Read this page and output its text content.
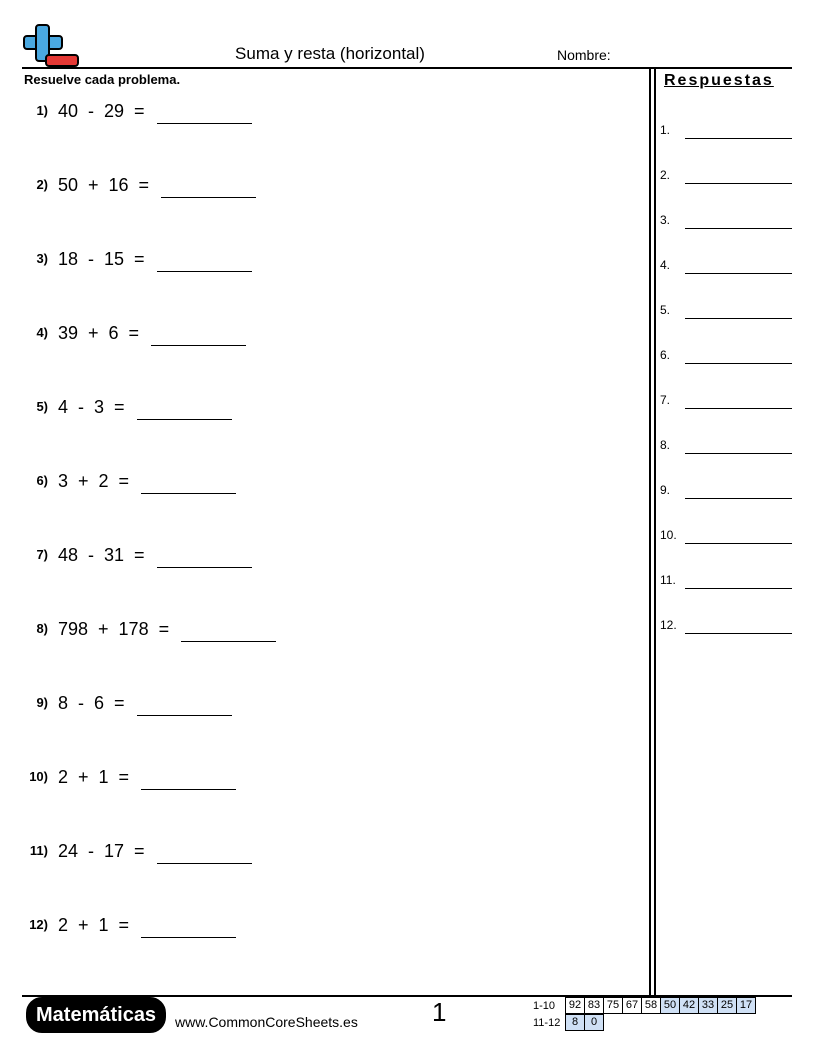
Suma y resta (horizontal)	Nombre:
Resuelve cada problema.
1) 40  -  29  =
2) 50  +  16  =
3) 18  -  15  =
4) 39  +  6  =
5) 4  -  3  =
6) 3  +  2  =
7) 48  -  31  =
8) 798  +  178  =
9) 8  -  6  =
10) 2  +  1  =
11) 24  -  17  =
12) 2  +  1  =
Respuestas
1.
2.
3.
4.
5.
6.
7.
8.
9.
10.
11.
12.
Matemáticas	www.CommonCoreSheets.es	1	1-10	92 83 75 67 58 50 42 33 25 17
11-12	8	0
